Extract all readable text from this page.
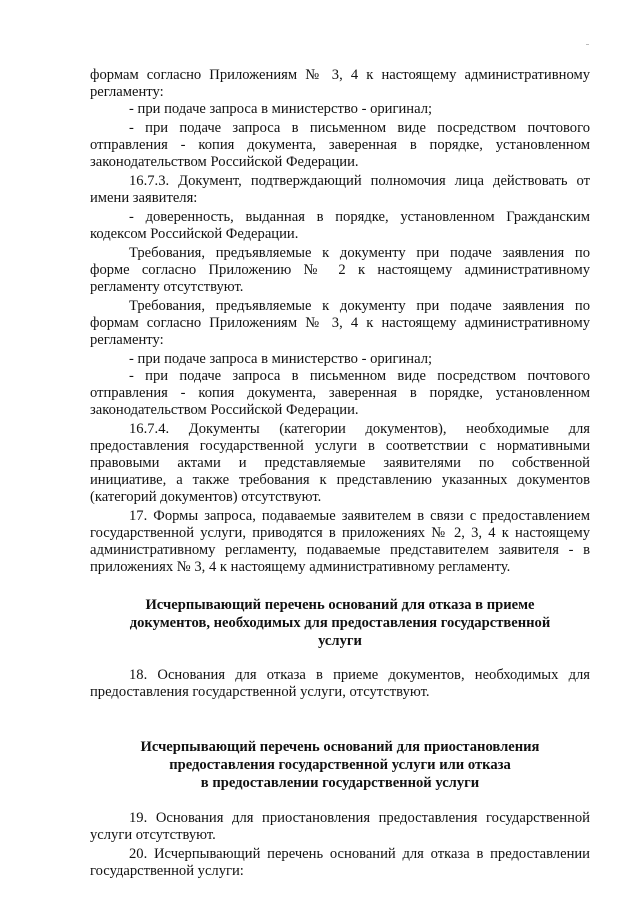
формам согласно Приложениям № 3, 4 к настоящему административному
регламенту:
- при подаче запроса в министерство - оригинал;
- при подаче запроса в письменном виде посредством почтового
отправления - копия документа, заверенная в порядке, установленном
законодательством Российской Федерации.
16.7.3. Документ, подтверждающий полномочия лица действовать от
имени заявителя:
- доверенность, выданная в порядке, установленном Гражданским
кодексом Российской Федерации.
Требования, предъявляемые к документу при подаче заявления по
форме согласно Приложению № 2 к настоящему административному
регламенту отсутствуют.
Требования, предъявляемые к документу при подаче заявления по
формам согласно Приложениям № 3, 4 к настоящему административному
регламенту:
- при подаче запроса в министерство - оригинал;
- при подаче запроса в письменном виде посредством почтового
отправления - копия документа, заверенная в порядке, установленном
законодательством Российской Федерации.
16.7.4. Документы (категории документов), необходимые для
предоставления государственной услуги в соответствии с нормативными
правовыми актами и представляемые заявителями по собственной
инициативе, а также требования к представлению указанных документов
(категорий документов) отсутствуют.
17. Формы запроса, подаваемые заявителем в связи с предоставлением
государственной услуги, приводятся в приложениях № 2, 3, 4 к настоящему
административному регламенту, подаваемые представителем заявителя - в
приложениях № 3, 4 к настоящему административному регламенту.
Исчерпывающий перечень оснований для отказа в приеме
документов, необходимых для предоставления государственной
услуги
18. Основания для отказа в приеме документов, необходимых для
предоставления государственной услуги, отсутствуют.
Исчерпывающий перечень оснований для приостановления
предоставления государственной услуги или отказа
в предоставлении государственной услуги
19. Основания для приостановления предоставления государственной
услуги отсутствуют.
20. Исчерпывающий перечень оснований для отказа в предоставлении
государственной услуги:
